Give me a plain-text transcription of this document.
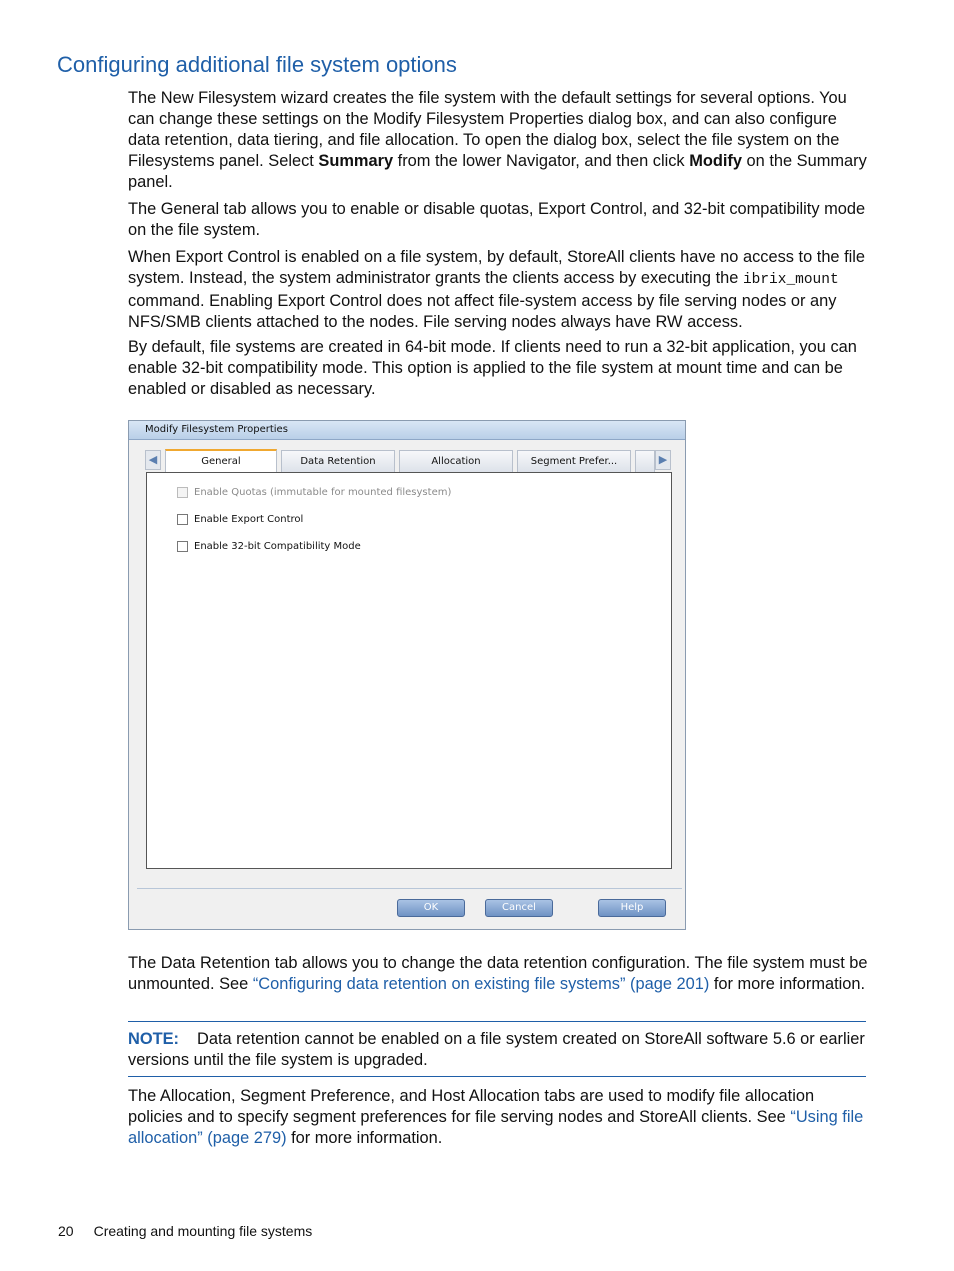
Configuring additional file system options

The New Filesystem wizard creates the file system with the default settings for several options. You can change these settings on the Modify Filesystem Properties dialog box, and can also configure data retention, data tiering, and file allocation. To open the dialog box, select the file system on the Filesystems panel. Select Summary from the lower Navigator, and then click Modify on the Summary panel.

The General tab allows you to enable or disable quotas, Export Control, and 32-bit compatibility mode on the file system.

When Export Control is enabled on a file system, by default, StoreAll clients have no access to the file system. Instead, the system administrator grants the clients access by executing the ibrix_mount command. Enabling Export Control does not affect file-system access by file serving nodes or any NFS/SMB clients attached to the nodes. File serving nodes always have RW access.

By default, file systems are created in 64-bit mode. If clients need to run a 32-bit application, you can enable 32-bit compatibility mode. This option is applied to the file system at mount time and can be enabled or disabled as necessary.

Modify Filesystem Properties
◀	General	Data Retention	Allocation	Segment Prefer...	▶
Enable Quotas (immutable for mounted filesystem)
Enable Export Control
Enable 32-bit Compatibility Mode
OK	Cancel	Help

The Data Retention tab allows you to change the data retention configuration. The file system must be unmounted. See “Configuring data retention on existing file systems” (page 201) for more information.

NOTE: Data retention cannot be enabled on a file system created on StoreAll software 5.6 or earlier versions until the file system is upgraded.

The Allocation, Segment Preference, and Host Allocation tabs are used to modify file allocation policies and to specify segment preferences for file serving nodes and StoreAll clients. See “Using file allocation” (page 279) for more information.

20 Creating and mounting file systems
